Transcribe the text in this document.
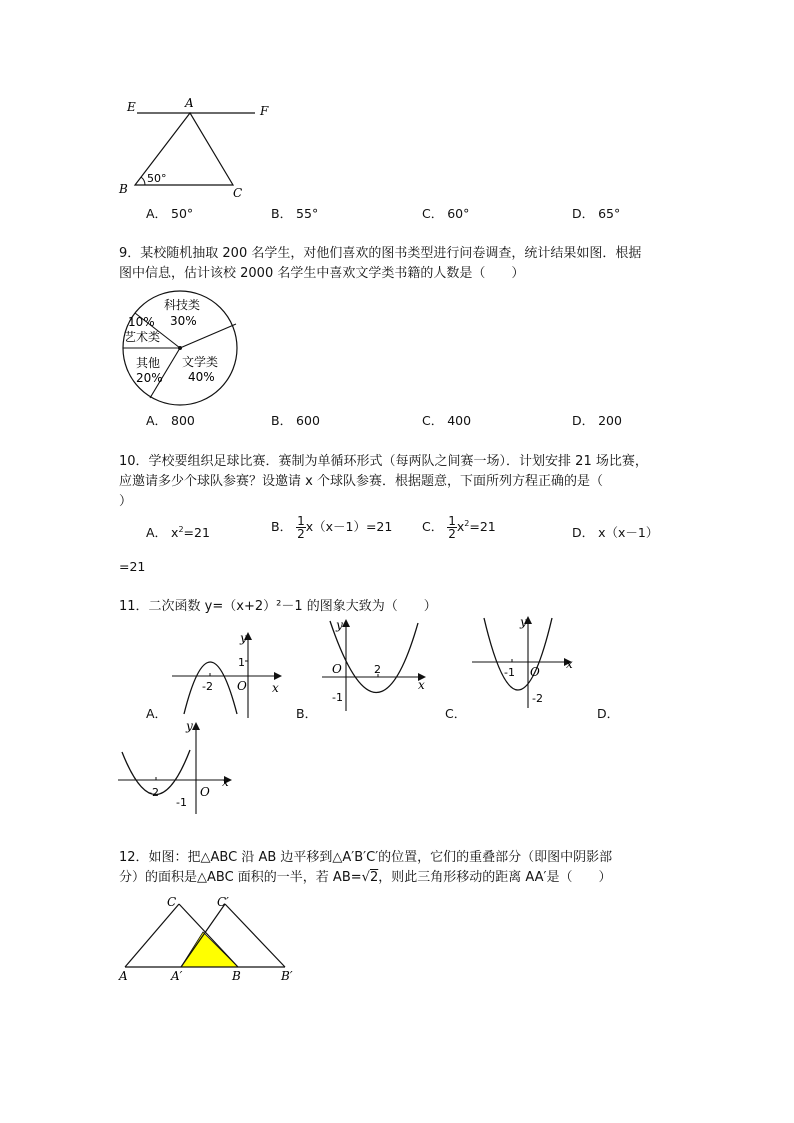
E	A
F
B	C
50°
A． 50°	B． 55°	C． 60°	D． 65°
9．某校随机抽取 200 名学生，对他们喜欢的图书类型进行问卷调查，统计结果如图．根据
图中信息，估计该校 2000 名学生中喜欢文学类书籍的人数是（　　）
科技类
30%
10%
艺术类
其他
20%
文学类
40%
A． 800	B． 600	C． 400	D． 200
10．学校要组织足球比赛．赛制为单循环形式（每两队之间赛一场）．计划安排 21 场比赛，
应邀请多少个球队参赛？设邀请 x 个球队参赛．根据题意，下面所列方程正确的是（
）
A． $x^2=21$	B． $\frac{1}{2} x(x-1)=21$ C． $\frac{1}{2} x^2=21$	D． x（x－1）
=21
11．二次函数 y=（x+2）²－1 的图象大致为（　　）
y
x
1
-2 O
A．
y
x
2
-1
O
B．
y
x
-1
-2
O
C．	D．
y
x
-2
-1
O
12．如图：把△ABC 沿 AB 边平移到△A′B′C′的位置，它们的重叠部分（即图中阴影部
分）的面积是△ABC 面积的一半，若 AB=√2，则此三角形移动的距离 AA′是（　　）
C	C′
A	A′	B	B′
